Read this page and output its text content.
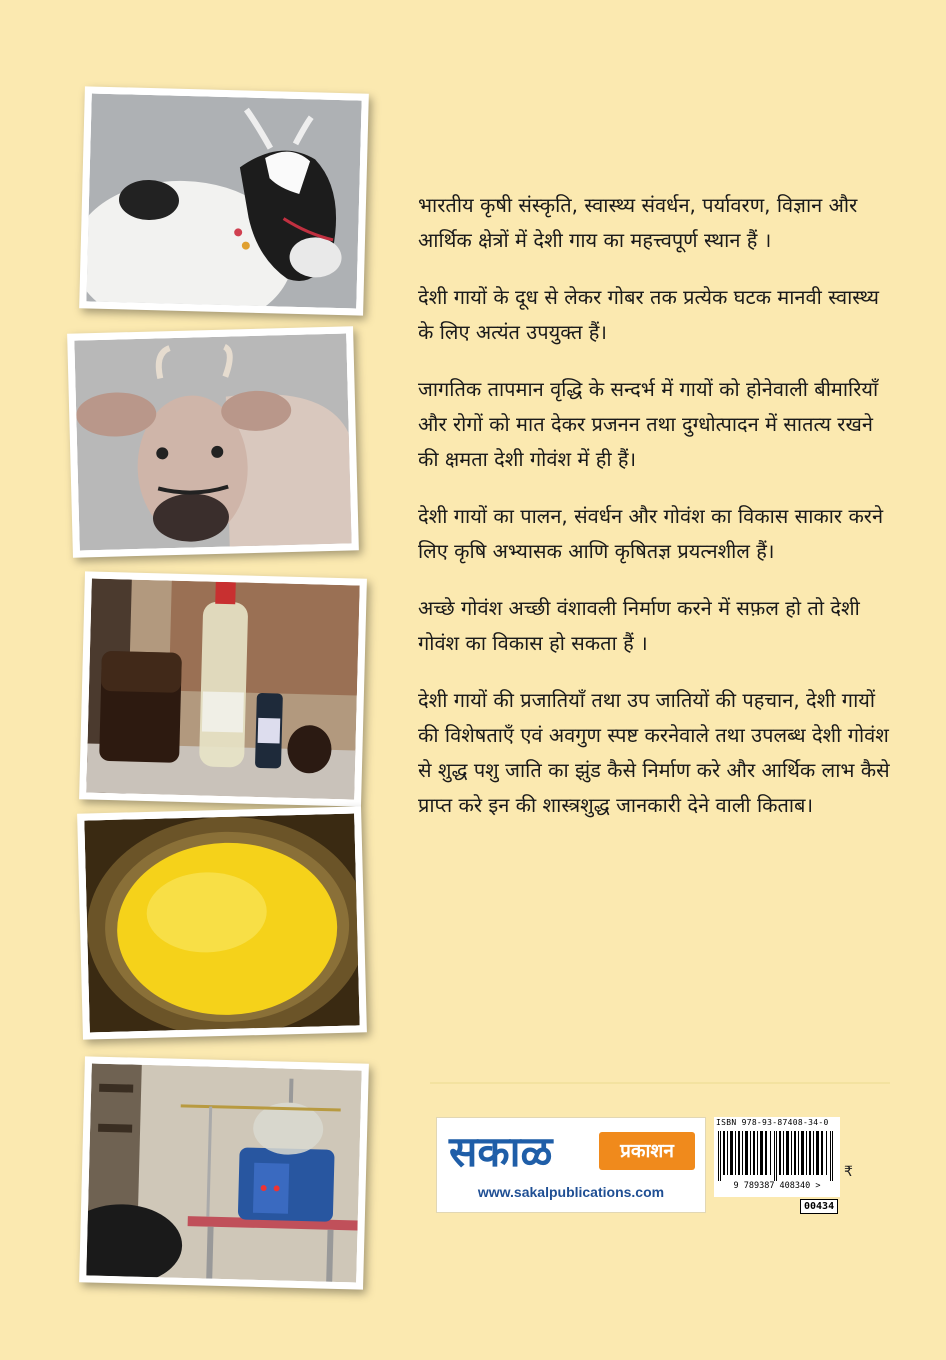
भारतीय कृषी संस्कृति, स्वास्थ्य संवर्धन, पर्यावरण, विज्ञान और आर्थिक क्षेत्रों में देशी गाय का महत्त्वपूर्ण स्थान हैं ।

देशी गायों के दूध से लेकर गोबर तक प्रत्येक घटक मानवी स्वास्थ्य के लिए अत्यंत उपयुक्त हैं।

जागतिक तापमान वृद्धि के सन्दर्भ में गायों को होनेवाली बीमारियाँ और रोगों को मात देकर प्रजनन तथा दुग्धोत्पादन में सातत्य रखने की क्षमता देशी गोवंश में ही हैं।

देशी गायों का पालन, संवर्धन और गोवंश का विकास साकार करने लिए कृषि अभ्यासक आणि कृषितज्ञ प्रयत्नशील हैं।

अच्छे गोवंश अच्छी वंशावली निर्माण करने में सफ़ल हो तो देशी गोवंश का विकास हो सकता हैं ।

देशी गायों की प्रजातियाँ तथा उप जातियों की पहचान, देशी गायों की विशेषताएँ एवं अवगुण स्पष्ट करनेवाले तथा उपलब्ध देशी गोवंश से शुद्ध पशु जाति का झुंड कैसे निर्माण करे और आर्थिक लाभ कैसे प्राप्त करे इन की शास्त्रशुद्ध जानकारी देने वाली किताब।

सकाळ	प्रकाशन
www.sakalpublications.com
ISBN 978-93-87408-34-0
9 789387 408340 >
00434
₹
